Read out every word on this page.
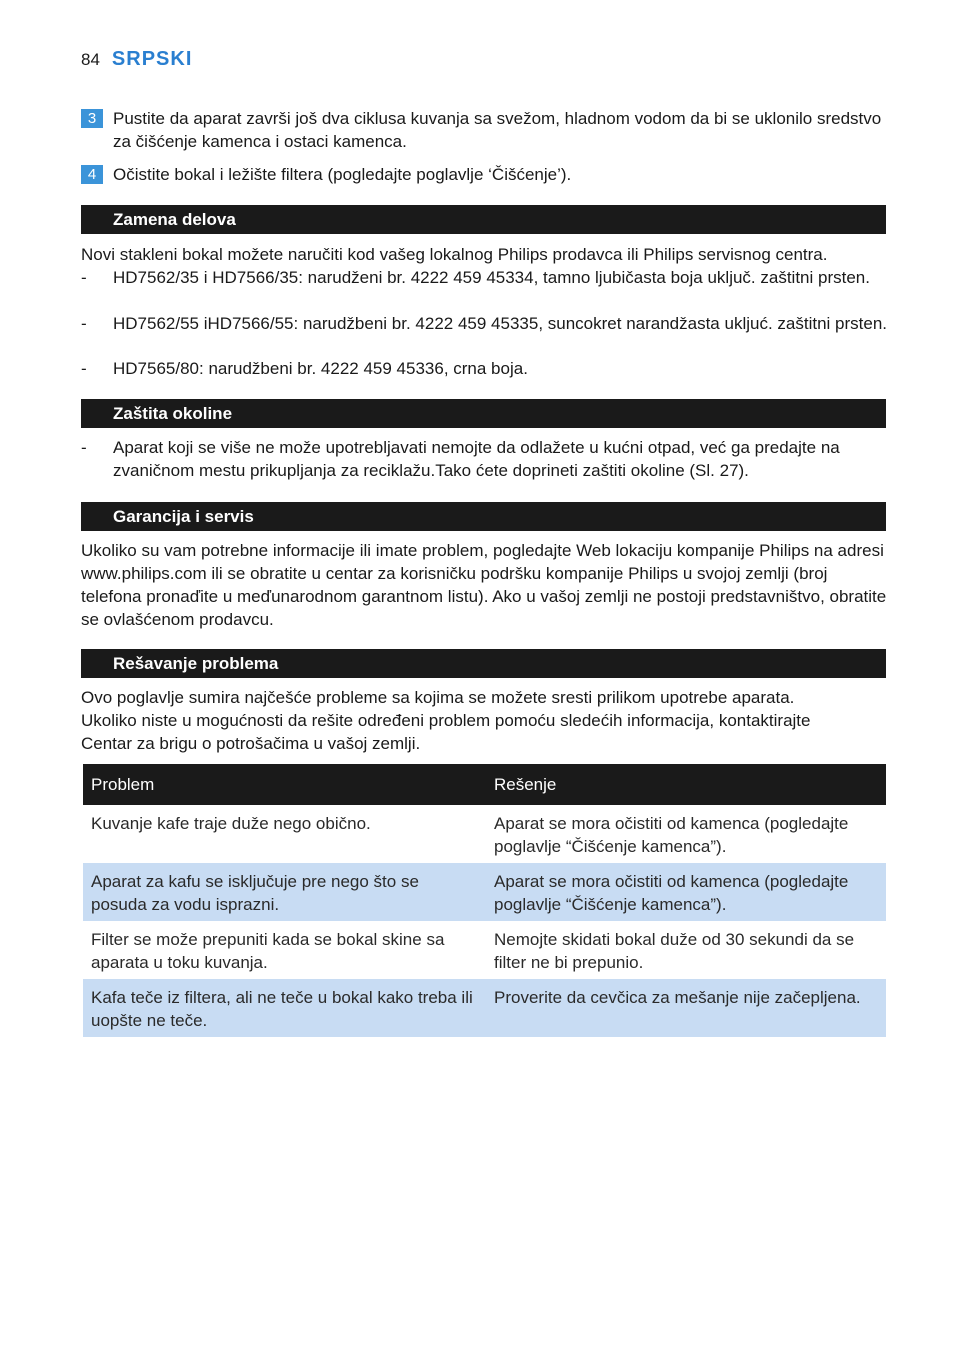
84 SRPSKI
3 Pustite da aparat završi još dva ciklusa kuvanja sa svežom, hladnom vodom da bi se uklonilo sredstvo za čišćenje kamenca i ostaci kamenca.
4 Očistite bokal i ležište filtera (pogledajte poglavlje ‘Čišćenje’).
Zamena delova
Novi stakleni bokal možete naručiti kod vašeg lokalnog Philips prodavca ili Philips servisnog centra.
- HD7562/35 i HD7566/35: narudženi br. 4222 459 45334, tamno ljubičasta boja uključ. zaštitni prsten.
- HD7562/55 iHD7566/55: narudžbeni br. 4222 459 45335, suncokret narandžasta ukljuć. zaštitni prsten.
- HD7565/80: narudžbeni br. 4222 459 45336, crna boja.
Zaštita okoline
- Aparat koji se više ne može upotrebljavati nemojte da odlažete u kućni otpad, već ga predajte na zvaničnom mestu prikupljanja za reciklažu.Tako ćete doprineti zaštiti okoline (Sl. 27).
Garancija i servis
Ukoliko su vam potrebne informacije ili imate problem, pogledajte Web lokaciju kompanije Philips na adresi www.philips.com ili se obratite u centar za korisničku podršku kompanije Philips u svojoj zemlji (broj telefona pronaďite u meďunarodnom garantnom listu). Ako u vašoj zemlji ne postoji predstavništvo, obratite se ovlašćenom prodavcu.
Rešavanje problema
Ovo poglavlje sumira najčešće probleme sa kojima se možete sresti prilikom upotrebe aparata. Ukoliko niste u mogućnosti da rešite određeni problem pomoću sledećih informacija, kontaktirajte Centar za brigu o potrošačima u vašoj zemlji.
Problem	Rešenje
Kuvanje kafe traje duže nego obično.	Aparat se mora očistiti od kamenca (pogledajte poglavlje “Čišćenje kamenca”).
Aparat za kafu se isključuje pre nego što se posuda za vodu isprazni.	Aparat se mora očistiti od kamenca (pogledajte poglavlje “Čišćenje kamenca”).
Filter se može prepuniti kada se bokal skine sa aparata u toku kuvanja.	Nemojte skidati bokal duže od 30 sekundi da se filter ne bi prepunio.
Kafa teče iz filtera, ali ne teče u bokal kako treba ili uopšte ne teče.	Proverite da cevčica za mešanje nije začepljena.
